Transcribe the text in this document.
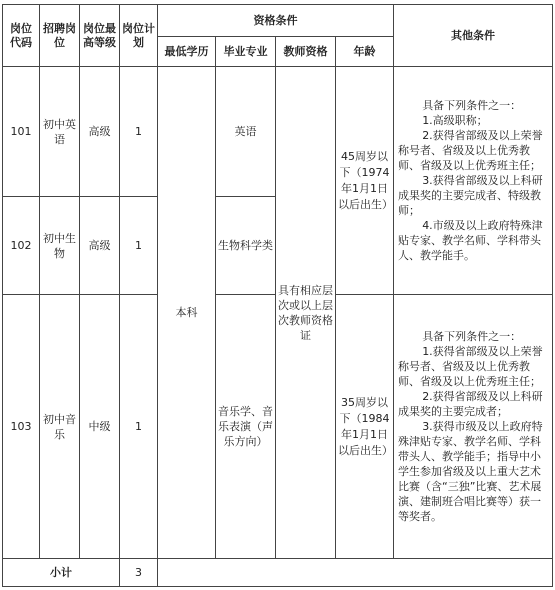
岗位代码	招聘岗位	岗位最高等级	岗位计划	资格条件				其他条件
				最低学历	毕业专业	教师资格	年龄	
101	初中英语	高级	1	本科	英语	具有相应层次或以上层次教师资格证	45周岁以下（1974年1月1日以后出生）	具备下列条件之一：
1.高级职称；
2.获得省部级及以上荣誉称号者、省级及以上优秀教师、省级及以上优秀班主任；
3.获得省部级及以上科研成果奖的主要完成者、特级教师；
4.市级及以上政府特殊津贴专家、教学名师、学科带头人、教学能手。

102	初中生物	高级	1		生物科学类			
103	初中音乐	中级	1		音乐学、音乐表演（声乐方向）		35周岁以下（1984年1月1日以后出生）	具备下列条件之一：
1.获得省部级及以上荣誉称号者、省级及以上优秀教师、省级及以上优秀班主任；
2.获得省部级及以上科研成果奖的主要完成者；
3.获得市级及以上政府特殊津贴专家、教学名师、学科带头人、教学能手；指导中小学生参加省级及以上重大艺术比赛（含“三独”比赛、艺术展演、建制班合唱比赛等）获一等奖者。

小计			3					
